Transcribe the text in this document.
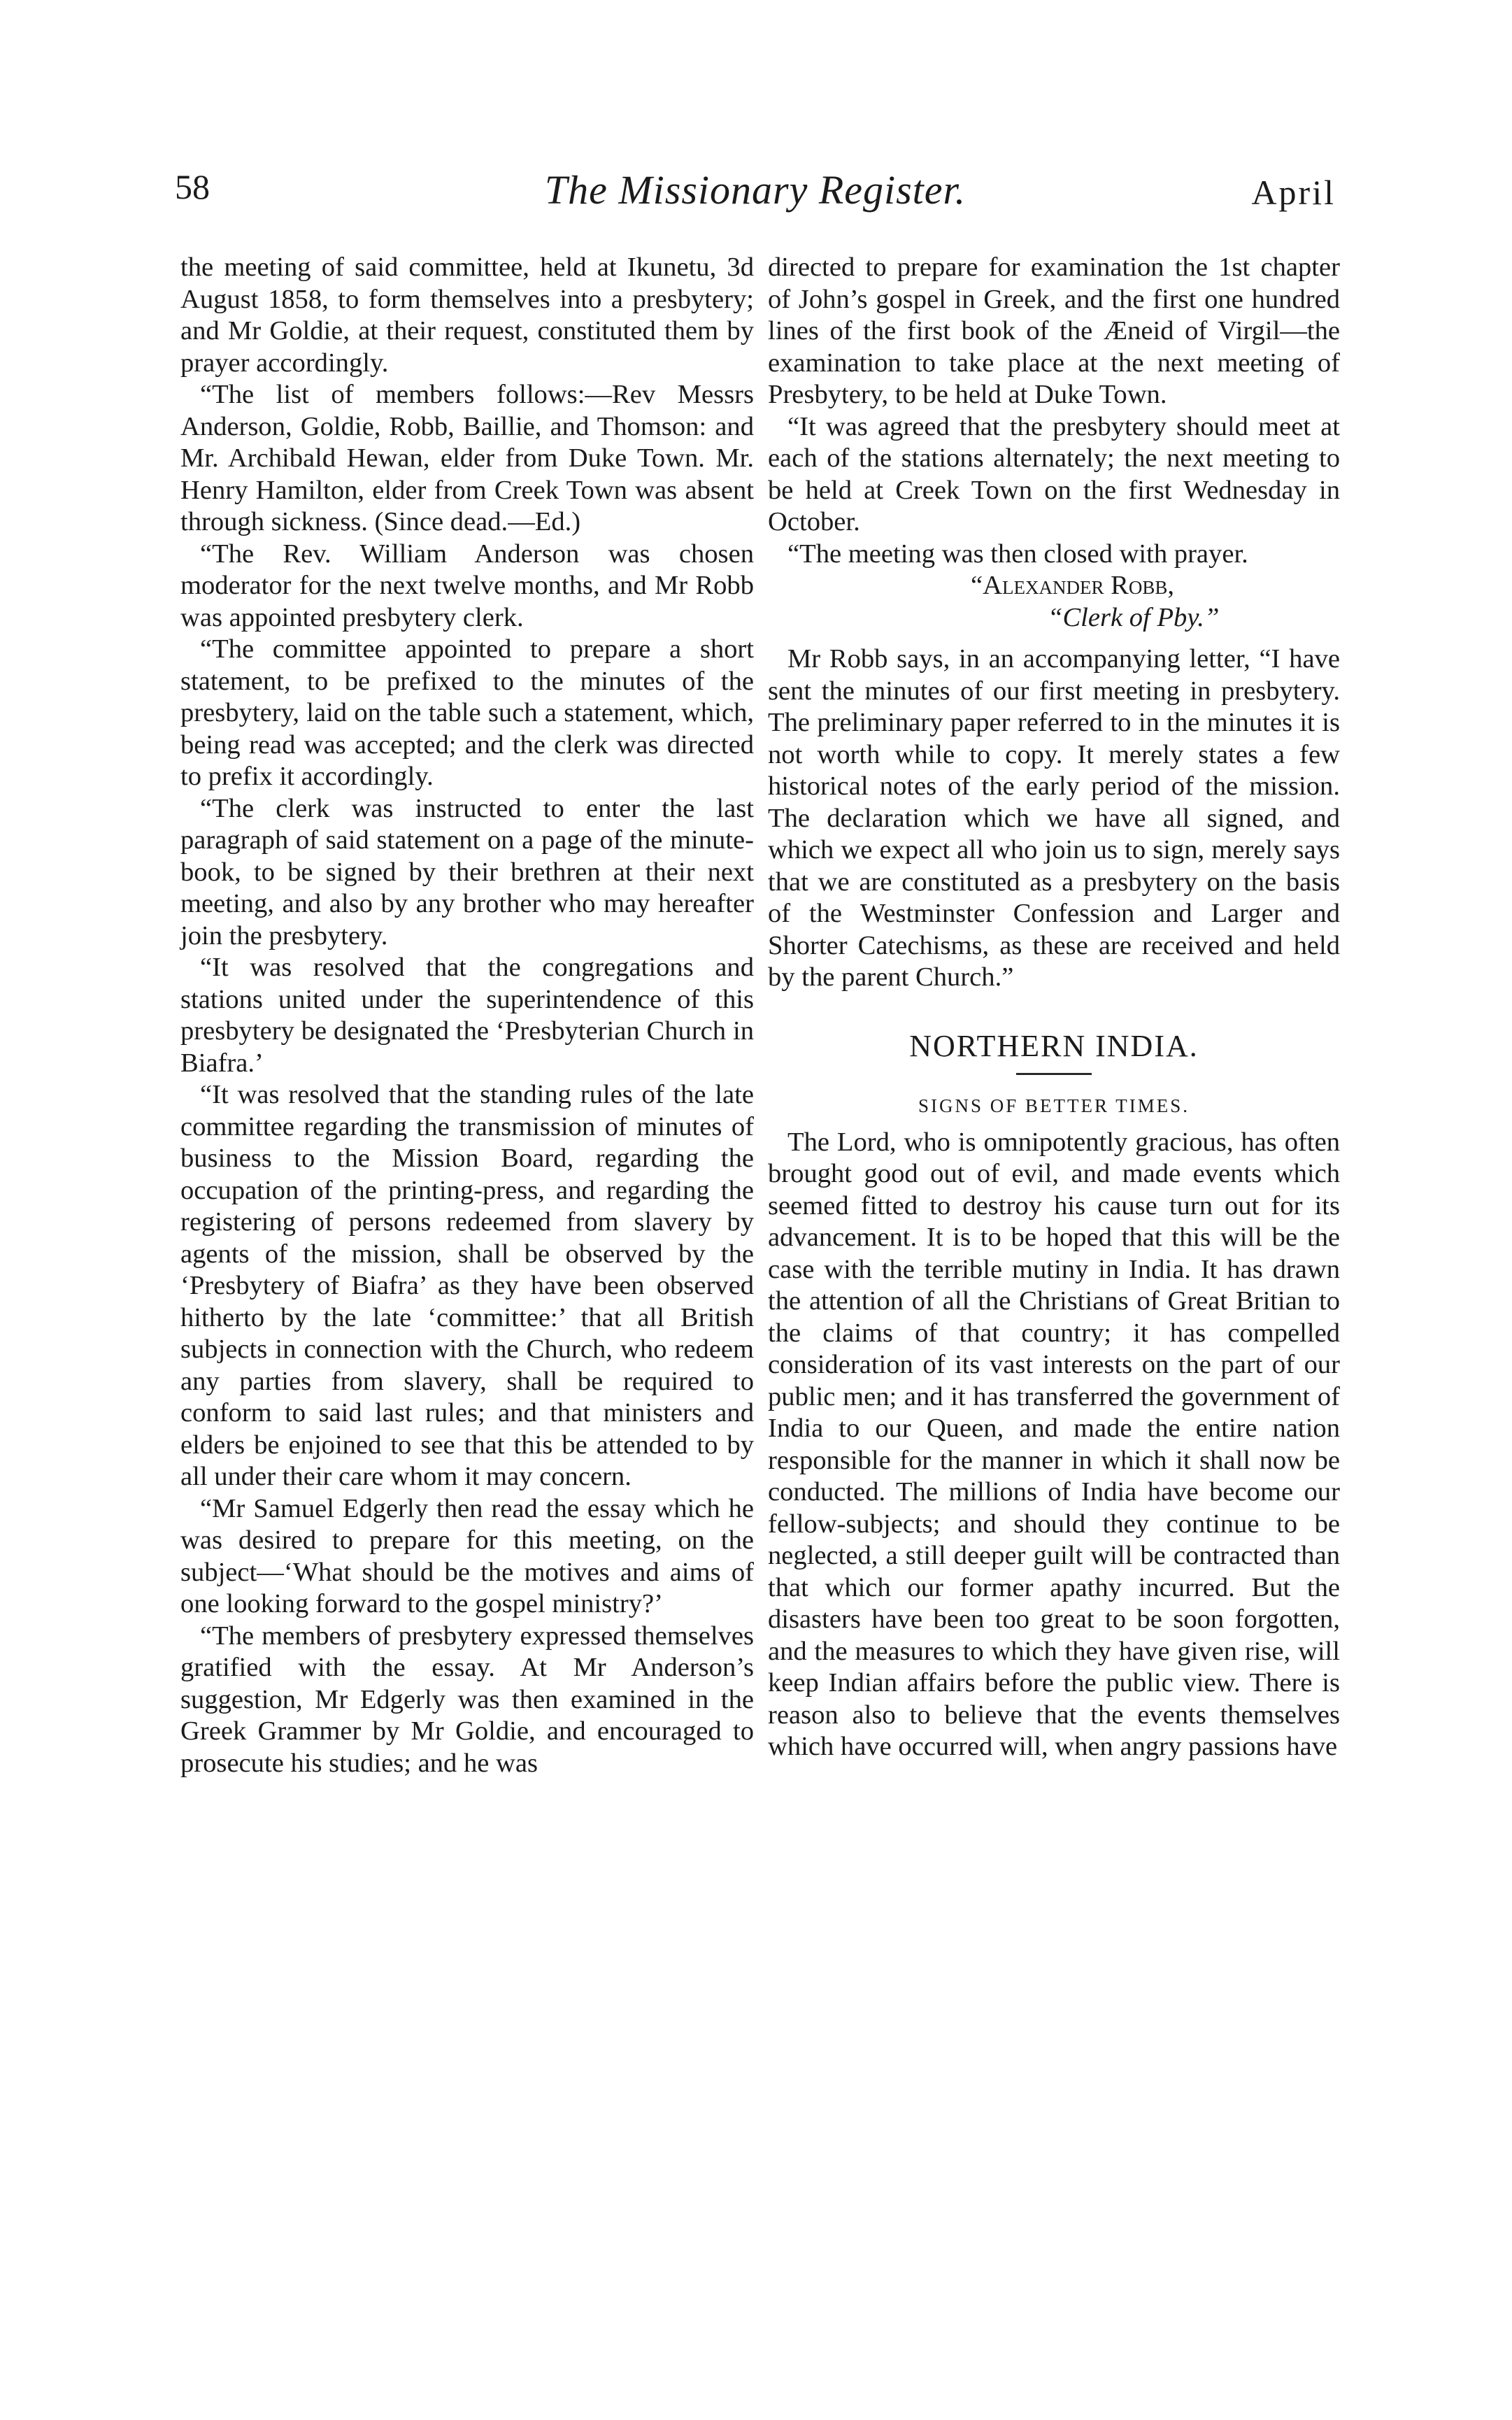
58	The Missionary Register.	April

the meeting of said committee, held at Ikunetu, 3d August 1858, to form themselves into a presbytery; and Mr Goldie, at their request, constituted them by prayer accordingly.

“The list of members follows:—Rev Messrs Anderson, Goldie, Robb, Baillie, and Thomson: and Mr. Archibald Hewan, elder from Duke Town. Mr. Henry Hamilton, elder from Creek Town was absent through sickness. (Since dead.—Ed.)

“The Rev. William Anderson was chosen moderator for the next twelve months, and Mr Robb was appointed presbytery clerk.

“The committee appointed to prepare a short statement, to be prefixed to the minutes of the presbytery, laid on the table such a statement, which, being read was accepted; and the clerk was directed to prefix it accordingly.

“The clerk was instructed to enter the last paragraph of said statement on a page of the minute-book, to be signed by their brethren at their next meeting, and also by any brother who may hereafter join the presbytery.

“It was resolved that the congregations and stations united under the superintendence of this presbytery be designated the ‘Presbyterian Church in Biafra.’

“It was resolved that the standing rules of the late committee regarding the transmission of minutes of business to the Mission Board, regarding the occupation of the printing-press, and regarding the registering of persons redeemed from slavery by agents of the mission, shall be observed by the ‘Presbytery of Biafra’ as they have been observed hitherto by the late ‘committee:’ that all British subjects in connection with the Church, who redeem any parties from slavery, shall be required to conform to said last rules; and that ministers and elders be enjoined to see that this be attended to by all under their care whom it may concern.

“Mr Samuel Edgerly then read the essay which he was desired to prepare for this meeting, on the subject—‘What should be the motives and aims of one looking forward to the gospel ministry?’

“The members of presbytery expressed themselves gratified with the essay. At Mr Anderson’s suggestion, Mr Edgerly was then examined in the Greek Grammer by Mr Goldie, and encouraged to prosecute his studies; and he was

directed to prepare for examination the 1st chapter of John’s gospel in Greek, and the first one hundred lines of the first book of the Æneid of Virgil—the examination to take place at the next meeting of Presbytery, to be held at Duke Town.

“It was agreed that the presbytery should meet at each of the stations alternately; the next meeting to be held at Creek Town on the first Wednesday in October.

“The meeting was then closed with prayer.

“Alexander Robb,
“Clerk of Pby.”

Mr Robb says, in an accompanying letter, “I have sent the minutes of our first meeting in presbytery. The preliminary paper referred to in the minutes it is not worth while to copy. It merely states a few historical notes of the early period of the mission. The declaration which we have all signed, and which we expect all who join us to sign, merely says that we are constituted as a presbytery on the basis of the Westminster Confession and Larger and Shorter Catechisms, as these are received and held by the parent Church.”

NORTHERN INDIA.
SIGNS OF BETTER TIMES.

The Lord, who is omnipotently gracious, has often brought good out of evil, and made events which seemed fitted to destroy his cause turn out for its advancement. It is to be hoped that this will be the case with the terrible mutiny in India. It has drawn the attention of all the Christians of Great Britian to the claims of that country; it has compelled consideration of its vast interests on the part of our public men; and it has transferred the government of India to our Queen, and made the entire nation responsible for the manner in which it shall now be conducted. The millions of India have become our fellow-subjects; and should they continue to be neglected, a still deeper guilt will be contracted than that which our former apathy incurred. But the disasters have been too great to be soon forgotten, and the measures to which they have given rise, will keep Indian affairs before the public view. There is reason also to believe that the events themselves which have occurred will, when angry passions have
